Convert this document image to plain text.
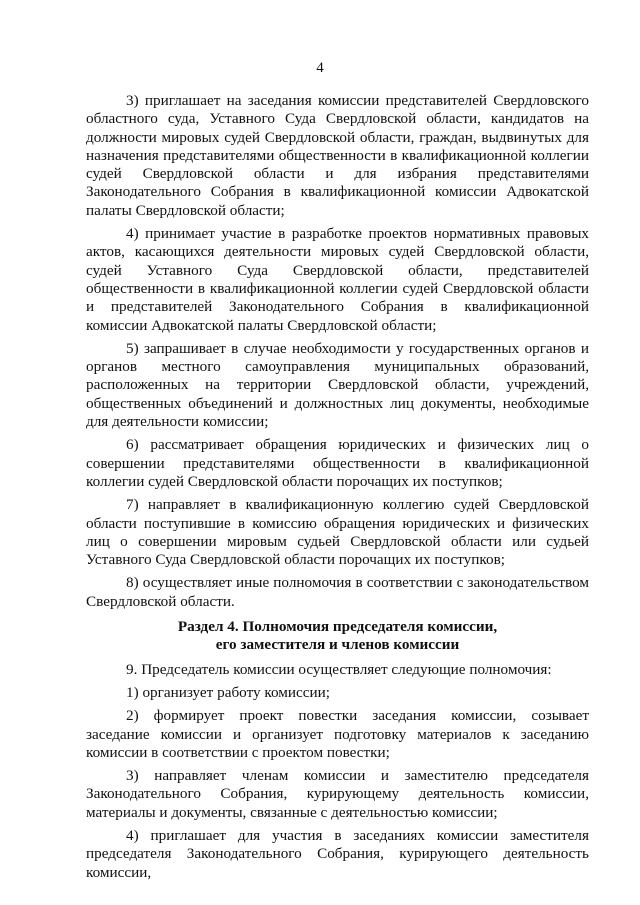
4

3) приглашает на заседания комиссии представителей Свердловского областного суда, Уставного Суда Свердловской области, кандидатов на должности мировых судей Свердловской области, граждан, выдвинутых для назначения представителями общественности в квалификационной коллегии судей Свердловской области и для избрания представителями Законодательного Собрания в квалификационной комиссии Адвокатской палаты Свердловской области;

4) принимает участие в разработке проектов нормативных правовых актов, касающихся деятельности мировых судей Свердловской области, судей Уставного Суда Свердловской области, представителей общественности в квалификационной коллегии судей Свердловской области и представителей Законодательного Собрания в квалификационной комиссии Адвокатской палаты Свердловской области;

5) запрашивает в случае необходимости у государственных органов и органов местного самоуправления муниципальных образований, расположенных на территории Свердловской области, учреждений, общественных объединений и должностных лиц документы, необходимые для деятельности комиссии;

6) рассматривает обращения юридических и физических лиц о совершении представителями общественности в квалификационной коллегии судей Свердловской области порочащих их поступков;

7) направляет в квалификационную коллегию судей Свердловской области поступившие в комиссию обращения юридических и физических лиц о совершении мировым судьей Свердловской области или судьей Уставного Суда Свердловской области порочащих их поступков;

8) осуществляет иные полномочия в соответствии с законодательством Свердловской области.

Раздел 4. Полномочия председателя комиссии,
его заместителя и членов комиссии

9. Председатель комиссии осуществляет следующие полномочия:

1) организует работу комиссии;

2) формирует проект повестки заседания комиссии, созывает заседание комиссии и организует подготовку материалов к заседанию комиссии в соответствии с проектом повестки;

3) направляет членам комиссии и заместителю председателя Законодательного Собрания, курирующему деятельность комиссии, материалы и документы, связанные с деятельностью комиссии;

4) приглашает для участия в заседаниях комиссии заместителя председателя Законодательного Собрания, курирующего деятельность комиссии,
